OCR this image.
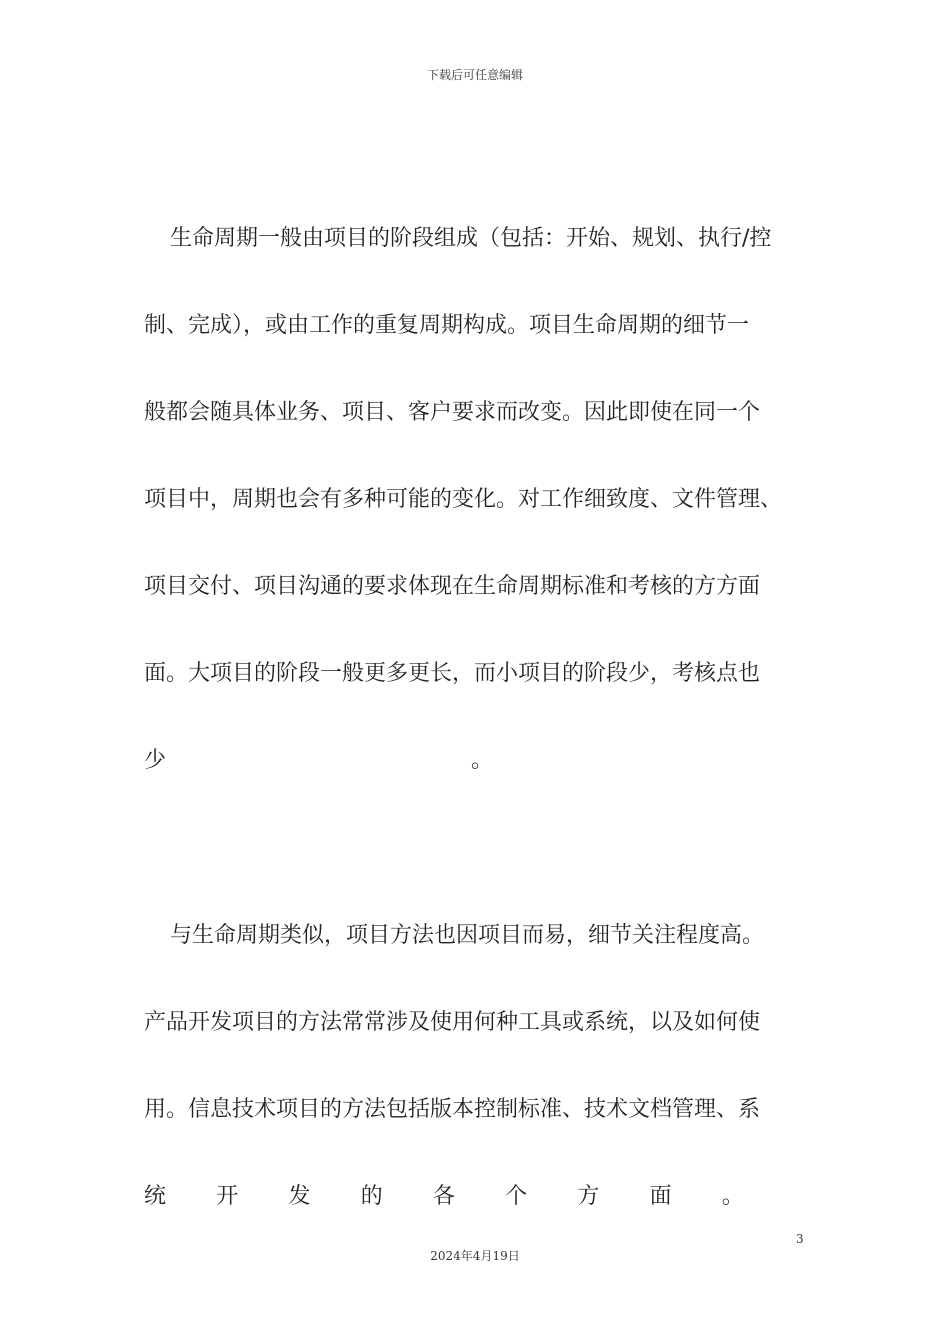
下载后可任意编辑
生命周期一般由项目的阶段组成（包括：开始、规划、执行/控
制、完成），或由工作的重复周期构成。项目生命周期的细节一
般都会随具体业务、项目、客户要求而改变。因此即使在同一个
项目中，周期也会有多种可能的变化。对工作细致度、文件管理、
项目交付、项目沟通的要求体现在生命周期标准和考核的方方面
面。大项目的阶段一般更多更长，而小项目的阶段少，考核点也
少	。
与生命周期类似，项目方法也因项目而易，细节关注程度高。
产品开发项目的方法常常涉及使用何种工具或系统，以及如何使
用。信息技术项目的方法包括版本控制标准、技术文档管理、系
统 开 发 的 各 个 方 面 。
3
2024年4月19日
